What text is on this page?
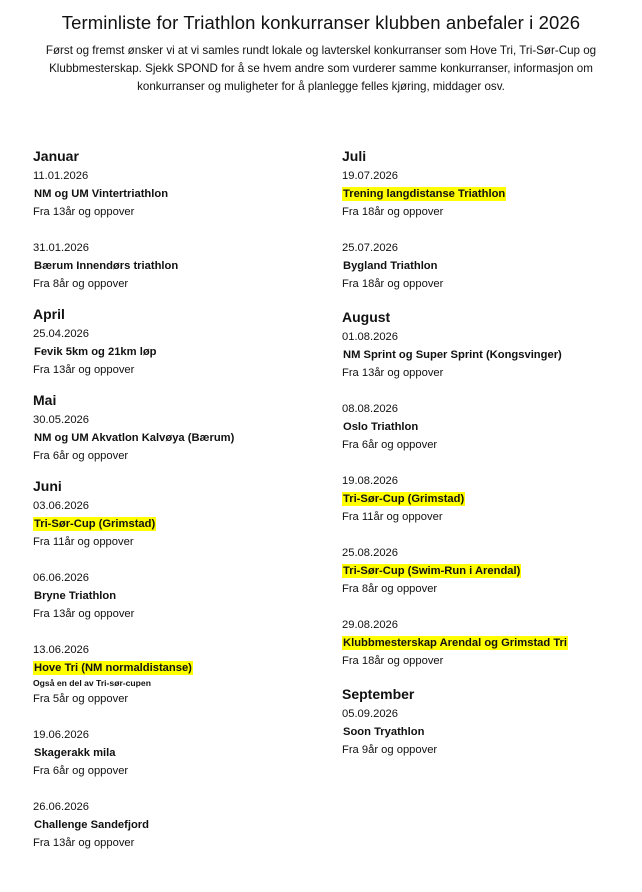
Terminliste for Triathlon konkurranser klubben anbefaler i 2026
Først og fremst ønsker vi at vi samles rundt lokale og lavterskel konkurranser som Hove Tri, Tri-Sør-Cup og Klubbmesterskap. Sjekk SPOND for å se hvem andre som vurderer samme konkurranser, informasjon om konkurranser og muligheter for å planlegge felles kjøring, middager osv.
Januar
11.01.2026
NM og UM Vintertriathlon
Fra 13år og oppover
31.01.2026
Bærum Innendørs triathlon
Fra 8år og oppover
April
25.04.2026
Fevik 5km og 21km løp
Fra 13år og oppover
Mai
30.05.2026
NM og UM Akvatlon Kalvøya (Bærum)
Fra 6år og oppover
Juni
03.06.2026
Tri-Sør-Cup (Grimstad)
Fra 11år og oppover
06.06.2026
Bryne Triathlon
Fra 13år og oppover
13.06.2026
Hove Tri (NM normaldistanse)
Også en del av Tri-sør-cupen
Fra 5år og oppover
19.06.2026
Skagerakk mila
Fra 6år og oppover
26.06.2026
Challenge Sandefjord
Fra 13år og oppover
Juli
19.07.2026
Trening langdistanse Triathlon
Fra 18år og oppover
25.07.2026
Bygland Triathlon
Fra 18år og oppover
August
01.08.2026
NM Sprint og Super Sprint (Kongsvinger)
Fra 13år og oppover
08.08.2026
Oslo Triathlon
Fra 6år og oppover
19.08.2026
Tri-Sør-Cup (Grimstad)
Fra 11år og oppover
25.08.2026
Tri-Sør-Cup (Swim-Run i Arendal)
Fra 8år og oppover
29.08.2026
Klubbmesterskap Arendal og Grimstad Tri
Fra 18år og oppover
September
05.09.2026
Soon Tryathlon
Fra 9år og oppover
